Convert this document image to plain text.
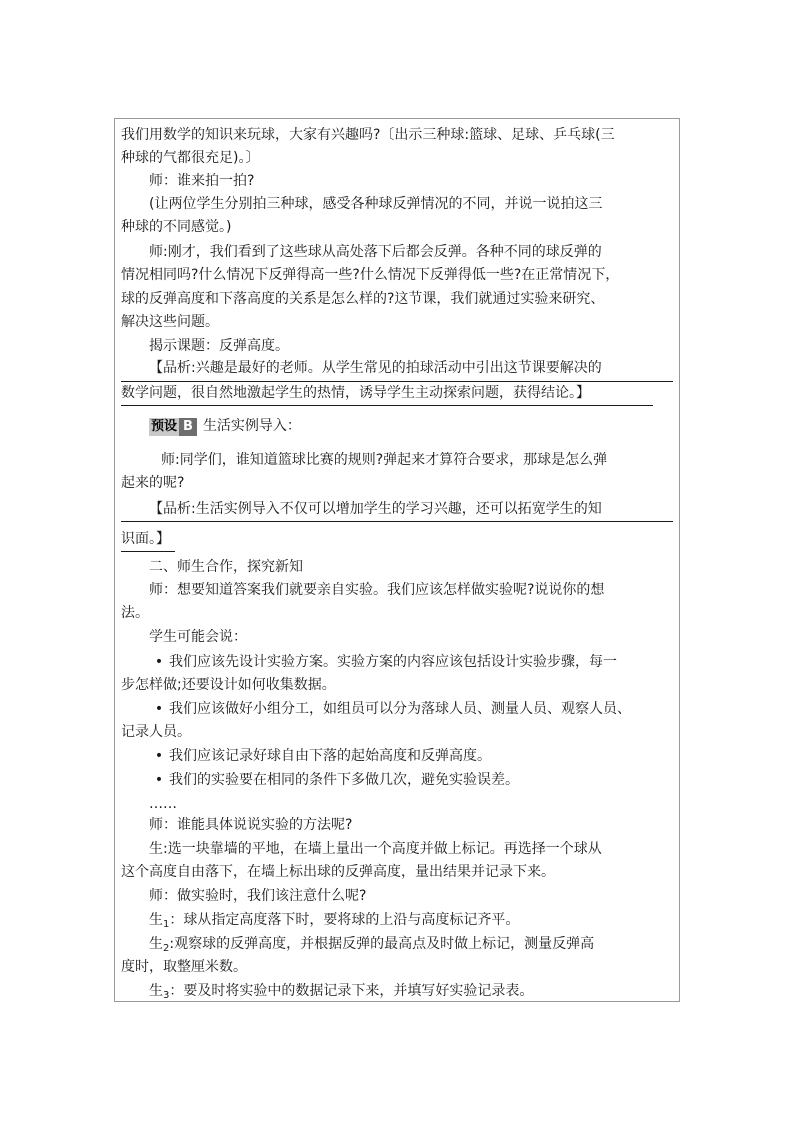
我们用数学的知识来玩球，大家有兴趣吗?〔出示三种球:篮球、足球、乒乓球(三
种球的气都很充足)。〕
师：谁来拍一拍?
(让两位学生分别拍三种球，感受各种球反弹情况的不同，并说一说拍这三
种球的不同感觉。)
师:刚才，我们看到了这些球从高处落下后都会反弹。各种不同的球反弹的
情况相同吗?什么情况下反弹得高一些?什么情况下反弹得低一些?在正常情况下，
球的反弹高度和下落高度的关系是怎么样的?这节课，我们就通过实验来研究、
解决这些问题。
揭示课题：反弹高度。
【品析:兴趣是最好的老师。从学生常见的拍球活动中引出这节课要解决的
数学问题，很自然地激起学生的热情，诱导学生主动探索问题，获得结论。】
预设 B 生活实例导入：
师:同学们，谁知道篮球比赛的规则?弹起来才算符合要求，那球是怎么弹
起来的呢?
【品析:生活实例导入不仅可以增加学生的学习兴趣，还可以拓宽学生的知
识面。】
二、师生合作，探究新知
师：想要知道答案我们就要亲自实验。我们应该怎样做实验呢?说说你的想
法。
学生可能会说：
• 我们应该先设计实验方案。实验方案的内容应该包括设计实验步骤，每一
步怎样做;还要设计如何收集数据。
• 我们应该做好小组分工，如组员可以分为落球人员、测量人员、观察人员、
记录人员。
• 我们应该记录好球自由下落的起始高度和反弹高度。
• 我们的实验要在相同的条件下多做几次，避免实验误差。
……
师：谁能具体说说实验的方法呢?
生:选一块靠墙的平地，在墙上量出一个高度并做上标记。再选择一个球从
这个高度自由落下，在墙上标出球的反弹高度，量出结果并记录下来。
师：做实验时，我们该注意什么呢?
生$_1$：球从指定高度落下时，要将球的上沿与高度标记齐平。
生$_2$:观察球的反弹高度，并根据反弹的最高点及时做上标记，测量反弹高
度时，取整厘米数。
生$_3$：要及时将实验中的数据记录下来，并填写好实验记录表。
